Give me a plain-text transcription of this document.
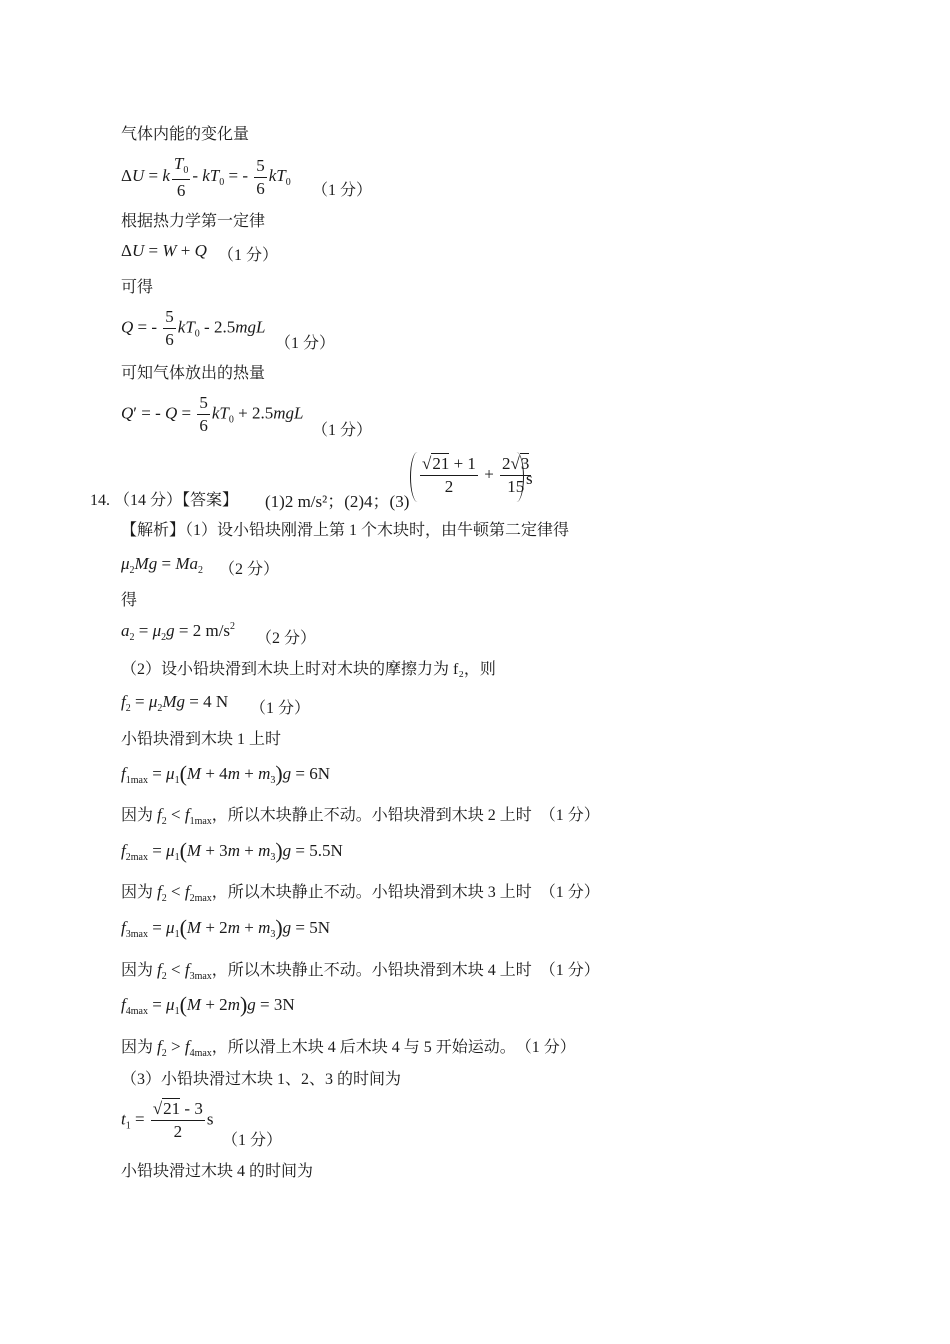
气体内能的变化量
ΔU = k $\frac{T_0}{6} - kT_0$ = - $\frac{5}{6} kT_0$ （1 分）
根据热力学第一定律
ΔU = W + Q （1 分）
可得
Q = - $\frac{5}{6} kT_0 - 2.5mgL$
（1 分）
可知气体放出的热量
Q′ = - $Q = \frac{5}{6} kT_0 + 2.5mgL$
（1 分）
14. （14 分）【答案】 (1)2 m/s²；(2)4；(3)
$\frac{√21 + 1}{2} + \frac{2√3}{15}$
s
【解析】（1）设小铅块刚滑上第 1 个木块时，由牛顿第二定律得
$\mu_2Mg = Ma_2$ （2 分）
得
$a_2 = \mu_2g = 2$ $m/s^2$
（2 分）
（2）设小铅块滑到木块上时对木块的摩擦力为 f₂，则
$f_2 = \mu_2Mg = 4$ N （1 分）
小铅块滑到木块 1 上时
$f_{1max} = \mu_1(M + 4m + m_3)g = 6N$
因为 $f_2 < f_{1max}$，所以木块静止不动。小铅块滑到木块 2 上时　（1 分）
$f_{2max} = \mu_1(M + 3m + m_3)g = 5.5N$
因为 $f_2 < f_{2max}$，所以木块静止不动。小铅块滑到木块 3 上时　（1 分）
$f_{3max} = \mu_1(M + 2m + m_3)g = 5N$
因为 $f_2 < f_{3max}$，所以木块静止不动。小铅块滑到木块 4 上时　（1 分）
$f_{4max} = \mu_1(M + 2m)g = 3N$
因为 $f_2 > f_{4max}$，所以滑上木块 4 后木块 4 与 5 开始运动。　（1 分）
（3）小铅块滑过木块 1、2、3 的时间为
$t_1 = \frac{√21 - 3}{2}$ s
（1 分）
小铅块滑过木块 4 的时间为
